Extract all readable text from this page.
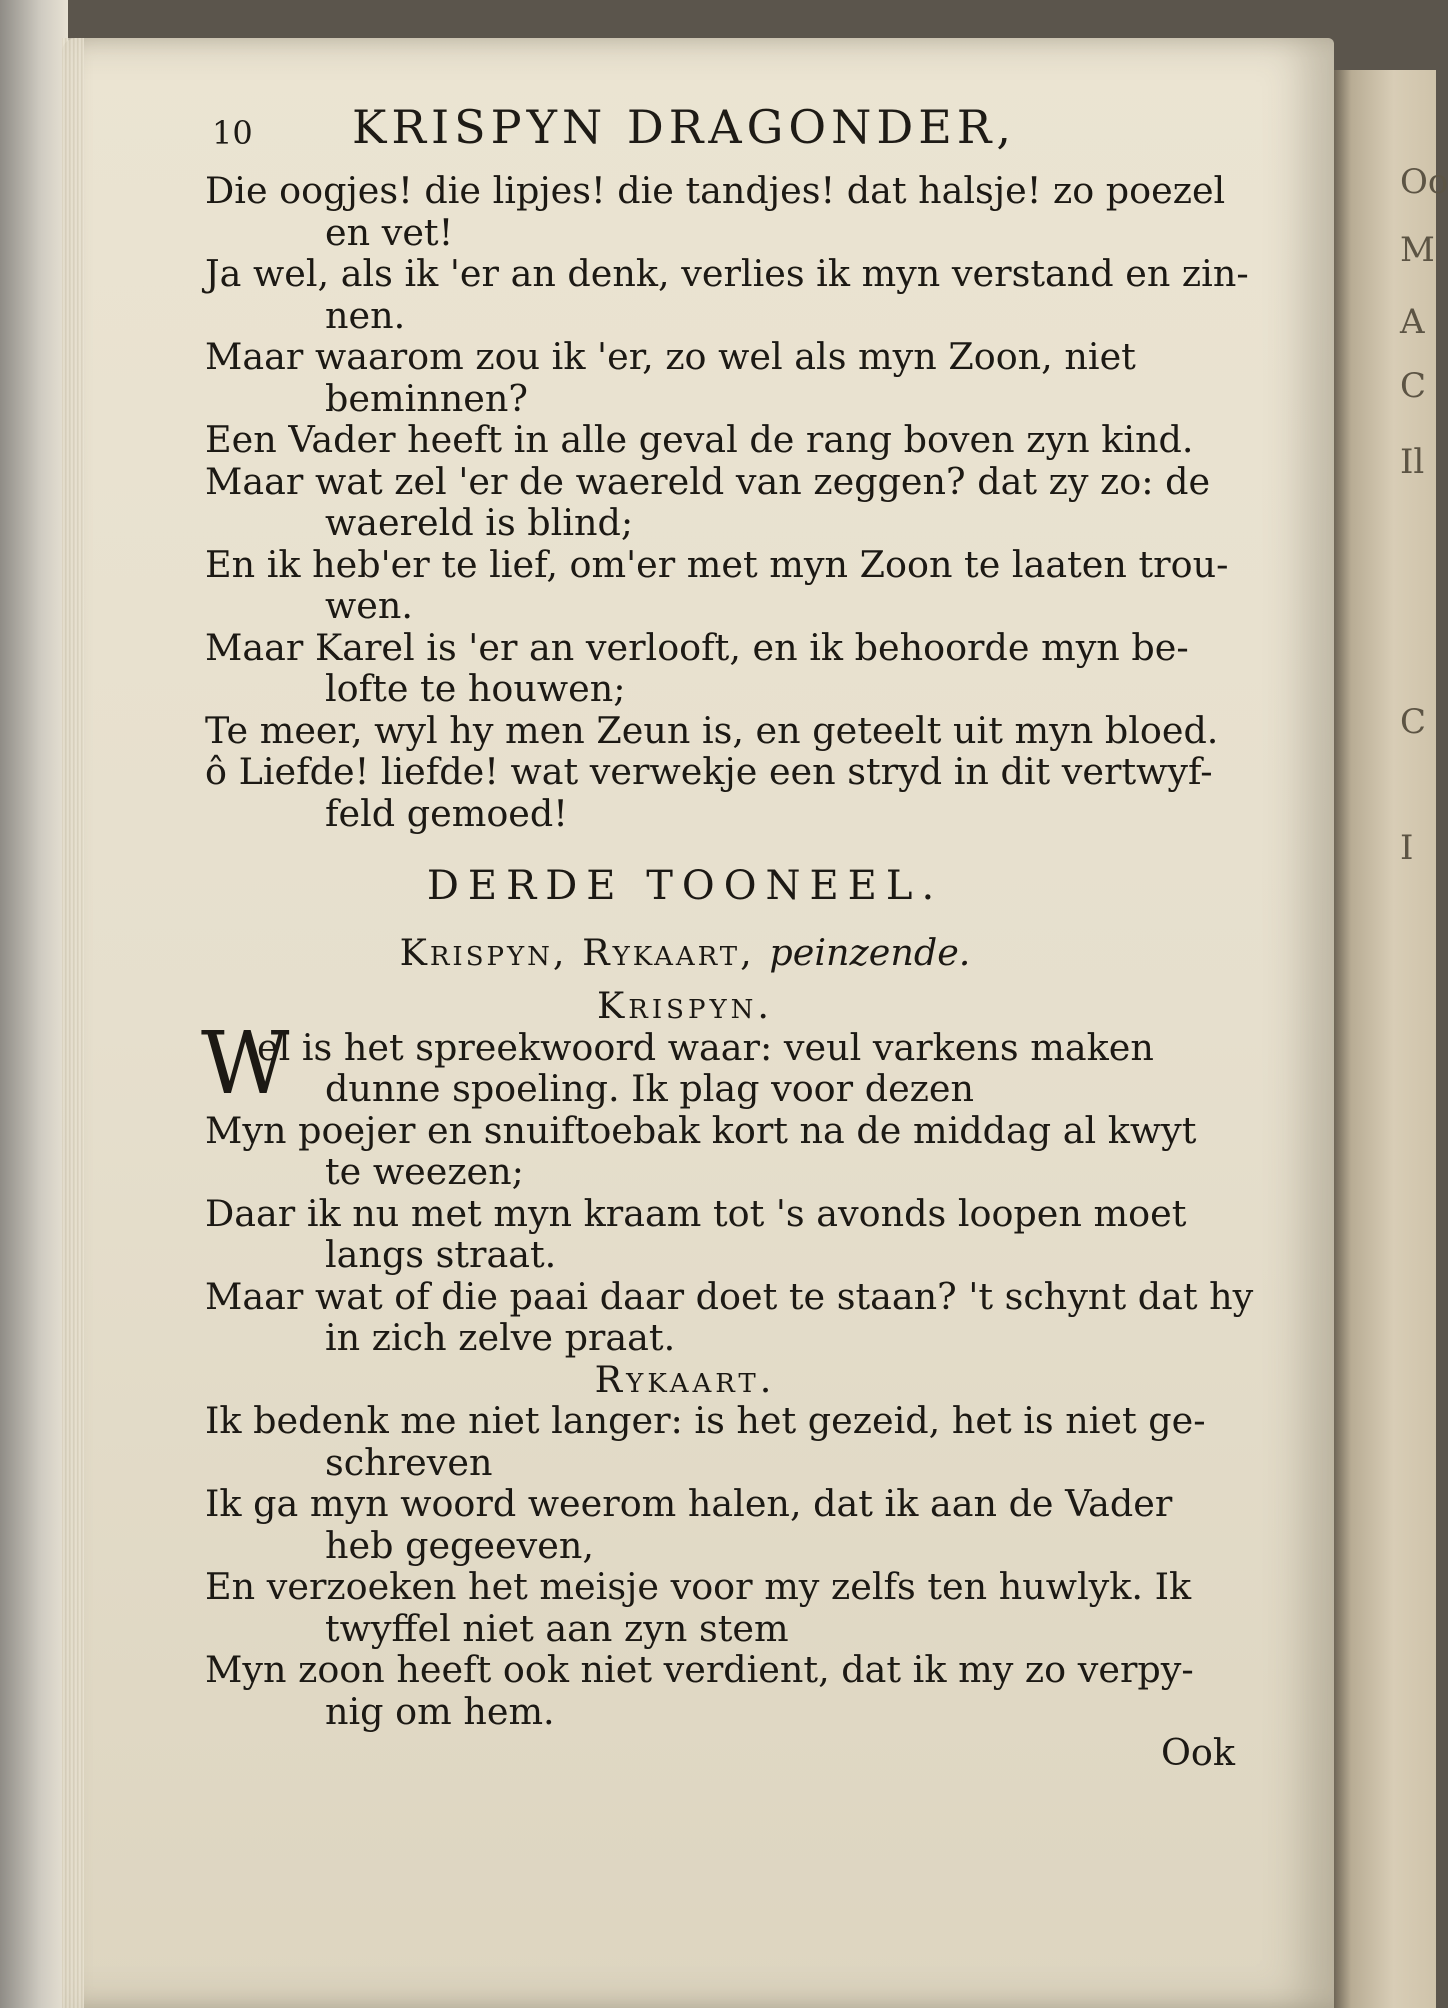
Oo
M
A
C
Il
C
I
10 KRISPYN DRAGONDER,
Die oogjes! die lipjes! die tandjes! dat halsje! zo poezel
en vet!
Ja wel, als ik 'er an denk, verlies ik myn verstand en zin-
nen.
Maar waarom zou ik 'er, zo wel als myn Zoon, niet
beminnen?
Een Vader heeft in alle geval de rang boven zyn kind.
Maar wat zel 'er de waereld van zeggen? dat zy zo: de
waereld is blind;
En ik heb'er te lief, om'er met myn Zoon te laaten trou-
wen.
Maar Karel is 'er an verlooft, en ik behoorde myn be-
lofte te houwen;
Te meer, wyl hy men Zeun is, en geteelt uit myn bloed.
ô Liefde! liefde! wat verwekje een stryd in dit vertwyf-
feld gemoed!
DERDE TOONEEL.
Krispyn, Rykaart, peinzende.
Krispyn.
W
el is het spreekwoord waar: veul varkens maken
dunne spoeling. Ik plag voor dezen
Myn poejer en snuiftoebak kort na de middag al kwyt
te weezen;
Daar ik nu met myn kraam tot 's avonds loopen moet
langs straat.
Maar wat of die paai daar doet te staan? 't schynt dat hy
in zich zelve praat.
Rykaart.
Ik bedenk me niet langer: is het gezeid, het is niet ge-
schreven
Ik ga myn woord weerom halen, dat ik aan de Vader
heb gegeeven,
En verzoeken het meisje voor my zelfs ten huwlyk. Ik
twyffel niet aan zyn stem
Myn zoon heeft ook niet verdient, dat ik my zo verpy-
nig om hem.
Ook
